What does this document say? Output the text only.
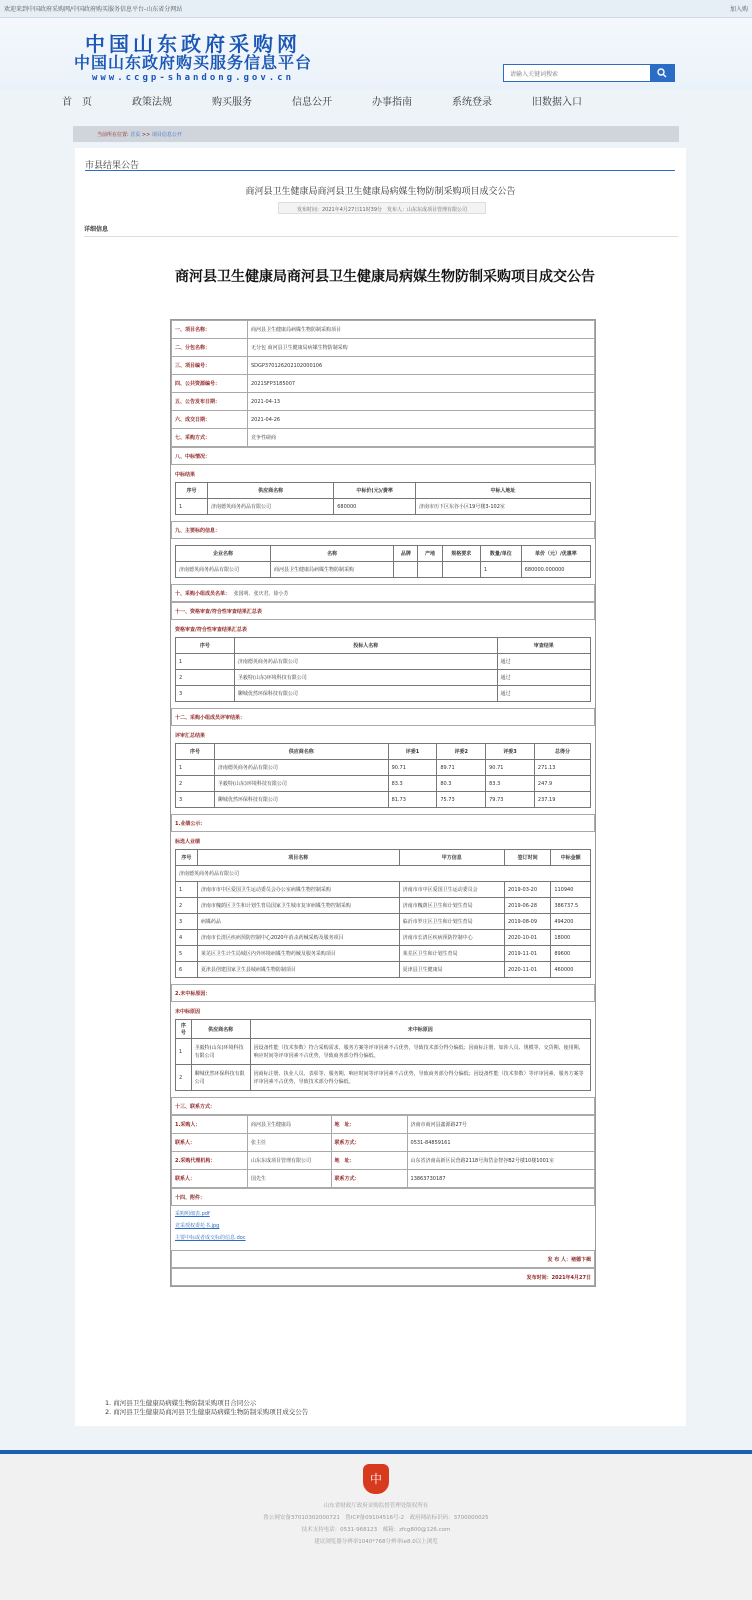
欢迎来到中国政府采购网/中国政府购买服务信息平台-山东省分网站	加入购
中国山东政府采购网
中国山东政府购买服务信息平台
www.ccgp-shandong.gov.cn	请输入关键词搜索
首　页	政策法规	购买服务	信息公开	办事指南	系统登录	旧数据入口
当前所在位置: 首页 >> 项目信息公开
市县结果公告
商河县卫生健康局商河县卫生健康局病媒生物防制采购项目成交公告
发布时间：2021年4月27日11时39分　发布人：山东东成项目管理有限公司
详细信息
商河县卫生健康局商河县卫生健康局病媒生物防制采购项目成交公告
一、项目名称：	商河县卫生健康局病媒生物防制采购项目
二、分包名称：	无分包 商河县卫生健康局病媒生物防制采购
三、项目编号：	SDGP370126202102000106
四、公共资源编号：	2021SFP3185007
五、公告发布日期：	2021-04-13
六、成交日期：	2021-04-26
七、采购方式：	竞争性磋商
八、中标情况：
中标结果
序号	供应商名称	中标价(元)/费率	中标人地址
1	济南德英商务药品有限公司	680000	济南市历下区东谷小区19号楼3-102室
九、主要标的信息：
企业名称	名称	品牌	产地	规格要求	数量/单位	单价（元）/优惠率
济南德英商务药品有限公司	商河县卫生健康局病媒生物防制采购				1	680000.000000
十、采购小组成员名单：
张国明、张庆君、徐小芳
十一、资格审查/符合性审查结果汇总表
资格审查/符合性审查结果汇总表
序号	投标人名称	审查结果
1	济南德英商务药品有限公司	通过
2	圣毅特(山东)环境科技有限公司	通过
3	聊城优然环保科技有限公司	通过
十二、采购小组成员评审结果：
评审汇总结果
序号	供应商名称	评委1	评委2	评委3	总得分
1	济南德英商务药品有限公司	90.71	89.71	90.71	271.13
2	圣毅特(山东)环境科技有限公司	83.3	80.3	83.3	247.9
3	聊城优然环保科技有限公司	81.73	75.73	79.73	237.19
1.业绩公示：
标选人业绩
序号	项目名称	甲方信息	签订时间	中标金额
济南德英商务药品有限公司				
1	济南市市中区爱国卫生运动委员会办公室病媒生物控制采购	济南市市中区爱国卫生运动委员会	2019-03-20	110940
2	济南市槐荫区卫生和计划生育局国家卫生城市复审病媒生物控制采购	济南市槐荫区卫生和计划生育局	2019-06-28	386737.5
3	病媒药品	临沂市罗庄区卫生和计划生育局	2019-08-09	494200
4	济南市长清区疾病预防控制中心2020年消杀药械采购及服务项目	济南市长清区疾病预防控制中心	2020-10-01	18000
5	莱芜区卫生计生局城区内外环境病媒生物药械及服务采购项目	莱芜区卫生和计划生育局	2019-11-01	89600
6	夏津县创建国家卫生县城病媒生物防制项目	夏津县卫生健康局	2020-11-01	460000
2.未中标原因：
未中标原因
序号	供应商名称	未中标原因
1	圣毅特(山东)环境科技有限公司	因设备性能（技术参数）符合采购需求，服务方案等评审因素不占优势，导致技术部分得分偏低；因商标注册、如涉人员、规模等、交货期、使用期、响应时间等评审因素不占优势，导致商务部分得分偏低。
2	聊城优然环保科技有限公司	因商标注册、执业人员、表彰等、服务期、响应时间等评审因素不占优势，导致商务部分得分偏低；因设备性能（技术参数）等评审因素、服务方案等评审因素不占优势，导致技术部分得分偏低。
十三、联系方式：
1.采购人：	商河县卫生健康局	地　址：	济南市商河县鑫源路27号
联系人：	张主任	联系方式：	0531-84859161
2.采购代理机构：	山东东成项目管理有限公司	地　址：	山东省济南高新区民营路2118号海岱金智谷B2号楼10楼1001室
联系人：	国先生	联系方式：	13863730187
十四、附件：
采购明细表.pdf
竞采授权委托书.jpg
主要中标或者成交标的信息.doc
发 布 人：褚德卞楫
发布时间：2021年4月27日
1. 商河县卫生健康局病媒生物防制采购项目合同公示
2. 商河县卫生健康局商河县卫生健康局病媒生物防制采购项目成交公告
中
山东省财政厅政府采购监督管理处版权所有
鲁公网安备37010302000721　鲁ICP备09104516号-2　政府网站标识码：3700000025
技术支持电话：0531-968123　邮箱：zfcg800@126.com
建议浏览器分辨率1040*768分辨率ie8.0以上浏览
